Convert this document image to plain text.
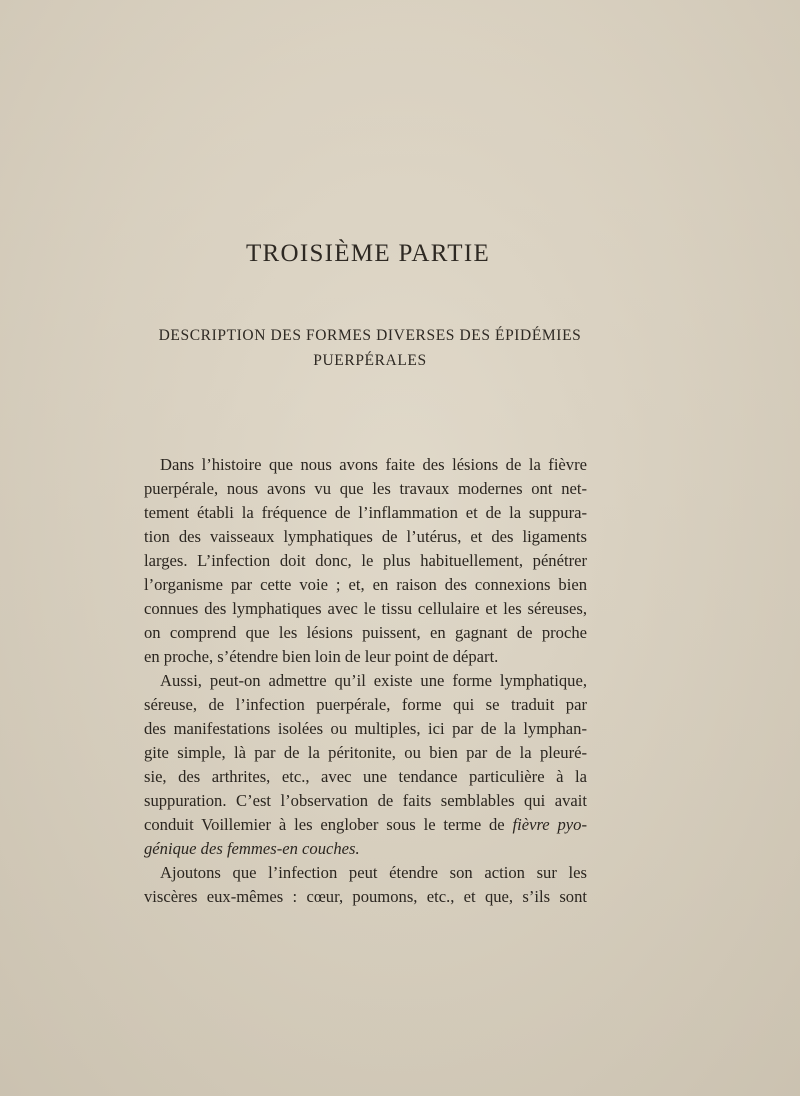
TROISIÈME PARTIE
DESCRIPTION DES FORMES DIVERSES DES ÉPIDÉMIES
PUERPÉRALES
Dans l’histoire que nous avons faite des lésions de la fièvre
puerpérale, nous avons vu que les travaux modernes ont net-
tement établi la fréquence de l’inflammation et de la suppura-
tion des vaisseaux lymphatiques de l’utérus, et des ligaments
larges. L’infection doit donc, le plus habituellement, pénétrer
l’organisme par cette voie ; et, en raison des connexions bien
connues des lymphatiques avec le tissu cellulaire et les séreuses,
on comprend que les lésions puissent, en gagnant de proche
en proche, s’étendre bien loin de leur point de départ.
Aussi, peut-on admettre qu’il existe une forme lymphatique,
séreuse, de l’infection puerpérale, forme qui se traduit par
des manifestations isolées ou multiples, ici par de la lymphan-
gite simple, là par de la péritonite, ou bien par de la pleuré-
sie, des arthrites, etc., avec une tendance particulière à la
suppuration. C’est l’observation de faits semblables qui avait
conduit Voillemier à les englober sous le terme de fièvre pyo-
génique des femmes-en couches.
Ajoutons que l’infection peut étendre son action sur les
viscères eux-mêmes : cœur, poumons, etc., et que, s’ils sont
